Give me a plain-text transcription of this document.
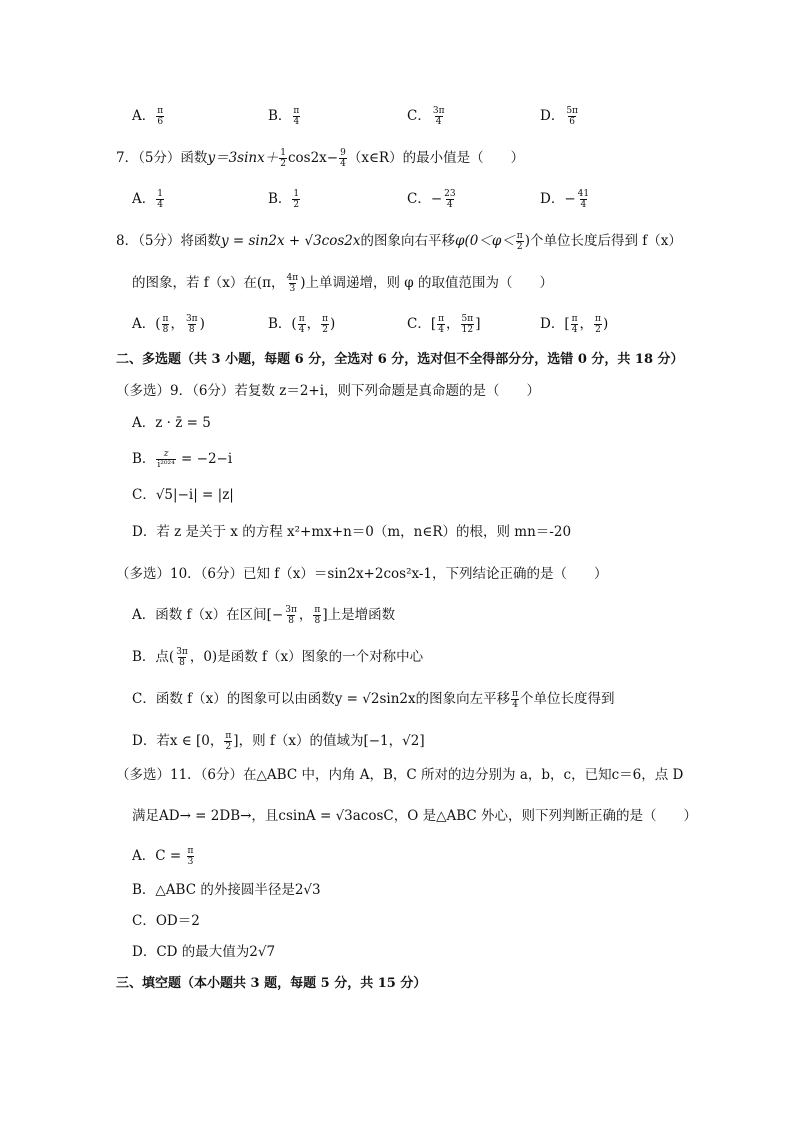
A． $\frac{\pi}{6}$	B． $\frac{\pi}{4}$	C． $\frac{3\pi}{4}$	D． $\frac{5\pi}{6}$
7．（5分）函数$y=3\sin x+ \frac{1}{2} \cos 2x- \frac{9}{4}$ （x∈R）的最小值是（　　）
A． $\frac{1}{4}$	B． $\frac{1}{2}$	C．− $\frac{23}{4}$	D．− $\frac{41}{4}$
8．（5分）将函数y = sin2x + √3cos2x的图象向右平移$\varphi(0<\varphi< \frac{\pi}{2}$ )个单位长度后得到 f（x）
的图象，若 f（x）在(π， $\frac{4\pi}{3}$ )上单调递增，则 φ 的取值范围为（　　）
A．( $\frac{\pi}{8}$ ， $\frac{3\pi}{8}$ )	B．( $\frac{\pi}{4}$ ， $\frac{\pi}{2}$ )	C．[ $\frac{\pi}{4}$ ， $\frac{5\pi}{12}$ ]	D．[ $\frac{\pi}{4}$ ， $\frac{\pi}{2}$ )
二、多选题（共 3 小题，每题 6 分，全选对 6 分，选对但不全得部分分，选错 0 分，共 18 分）
（多选）9．（6分）若复数 z＝2+i，则下列命题是真命题的是（　　）
A．z · z̄ = 5
B． $\frac{z}{\text{i²⁰²⁴}} = -2-i$
C．√5|−i| = |z|
D．若 z 是关于 x 的方程 x²+mx+n＝0（m，n∈R）的根，则 mn＝-20
（多选）10．（6分）已知 f（x）＝sin2x+2cos²x-1，下列结论正确的是（　　）
A．函数 f（x）在区间[− $\frac{3\pi}{8}$ ， $\frac{\pi}{8}$ ]上是增函数
B．点( $\frac{3\pi}{8}$ ，0)是函数 f（x）图象的一个对称中心
C．函数 f（x）的图象可以由函数y = √2sin2x的图象向左平移 $\frac{\pi}{4}$ 个单位长度得到
D．若x ∈ [0， $\frac{\pi}{2}$ ]，则 f（x）的值域为[−1，√2]
（多选）11．（6分）在△ABC 中，内角 A，B，C 所对的边分别为 a，b，c，已知c＝6，点 D
满足AD→ = 2DB→，且csinA = √3acosC，O 是△ABC 外心，则下列判断正确的是（　　）
A．$C = \frac{\pi}{3}$
B．△ABC 的外接圆半径是2√3
C．OD＝2
D．CD 的最大值为2√7
三、填空题（本小题共 3 题，每题 5 分，共 15 分）
